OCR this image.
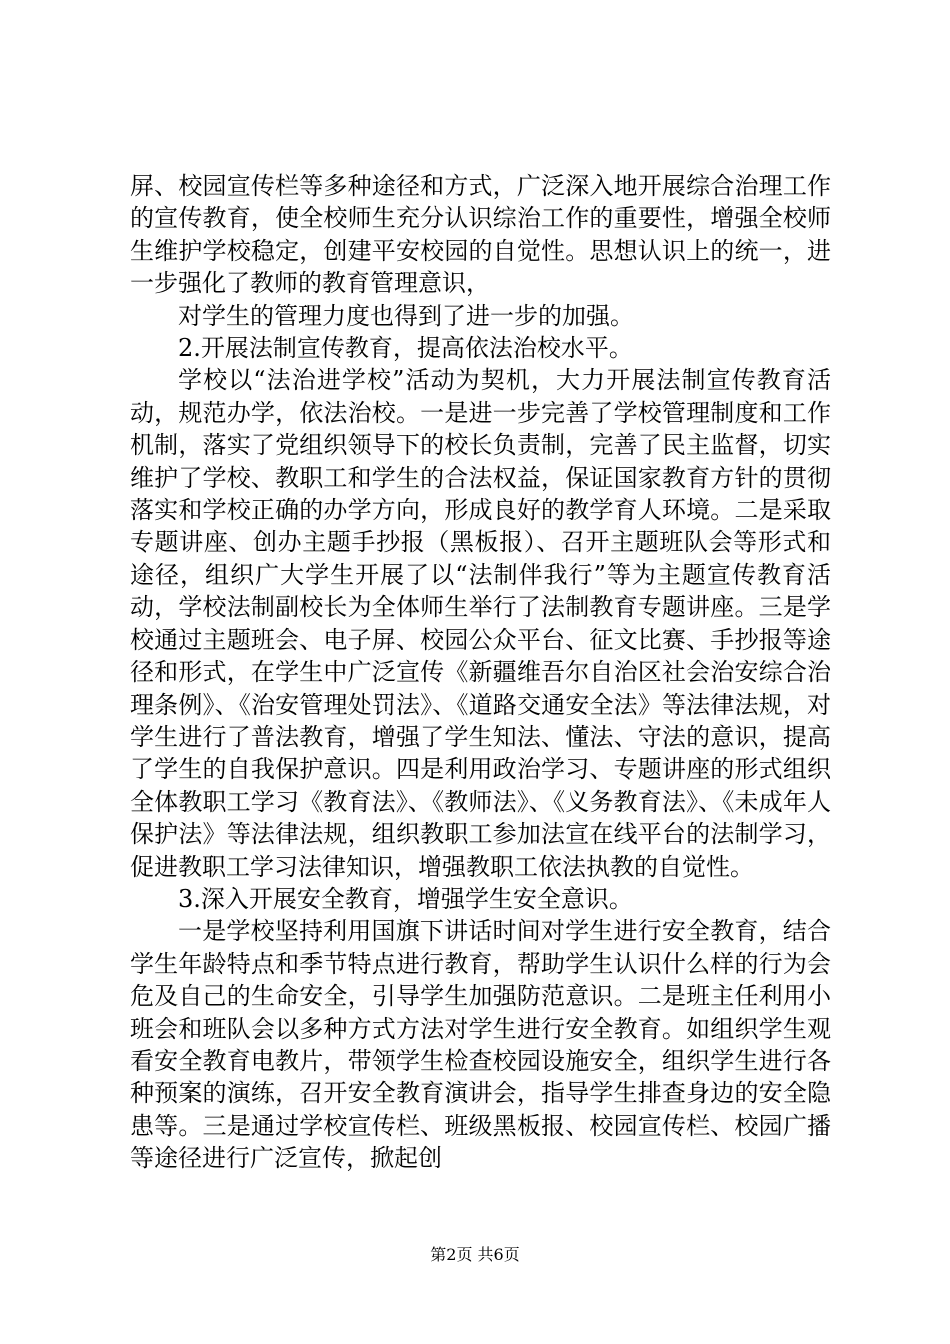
屏、校园宣传栏等多种途径和方式，广泛深入地开展综合治理工作的宣传教育，使全校师生充分认识综治工作的重要性，增强全校师生维护学校稳定，创建平安校园的自觉性。思想认识上的统一，进一步强化了教师的教育管理意识，

对学生的管理力度也得到了进一步的加强。

2.开展法制宣传教育，提高依法治校水平。

学校以“法治进学校”活动为契机，大力开展法制宣传教育活动，规范办学，依法治校。一是进一步完善了学校管理制度和工作机制，落实了党组织领导下的校长负责制，完善了民主监督，切实维护了学校、教职工和学生的合法权益，保证国家教育方针的贯彻落实和学校正确的办学方向，形成良好的教学育人环境。二是采取专题讲座、创办主题手抄报（黑板报）、召开主题班队会等形式和途径，组织广大学生开展了以“法制伴我行”等为主题宣传教育活动，学校法制副校长为全体师生举行了法制教育专题讲座。三是学校通过主题班会、电子屏、校园公众平台、征文比赛、手抄报等途径和形式，在学生中广泛宣传《新疆维吾尔自治区社会治安综合治理条例》、《治安管理处罚法》、《道路交通安全法》等法律法规，对学生进行了普法教育，增强了学生知法、懂法、守法的意识，提高了学生的自我保护意识。四是利用政治学习、专题讲座的形式组织全体教职工学习《教育法》、《教师法》、《义务教育法》、《未成年人保护法》等法律法规，组织教职工参加法宣在线平台的法制学习，促进教职工学习法律知识，增强教职工依法执教的自觉性。

3.深入开展安全教育，增强学生安全意识。

一是学校坚持利用国旗下讲话时间对学生进行安全教育，结合学生年龄特点和季节特点进行教育，帮助学生认识什么样的行为会危及自己的生命安全，引导学生加强防范意识。二是班主任利用小班会和班队会以多种方式方法对学生进行安全教育。如组织学生观看安全教育电教片，带领学生检查校园设施安全，组织学生进行各种预案的演练，召开安全教育演讲会，指导学生排查身边的安全隐患等。三是通过学校宣传栏、班级黑板报、校园宣传栏、校园广播等途径进行广泛宣传，掀起创

第2页 共6页
